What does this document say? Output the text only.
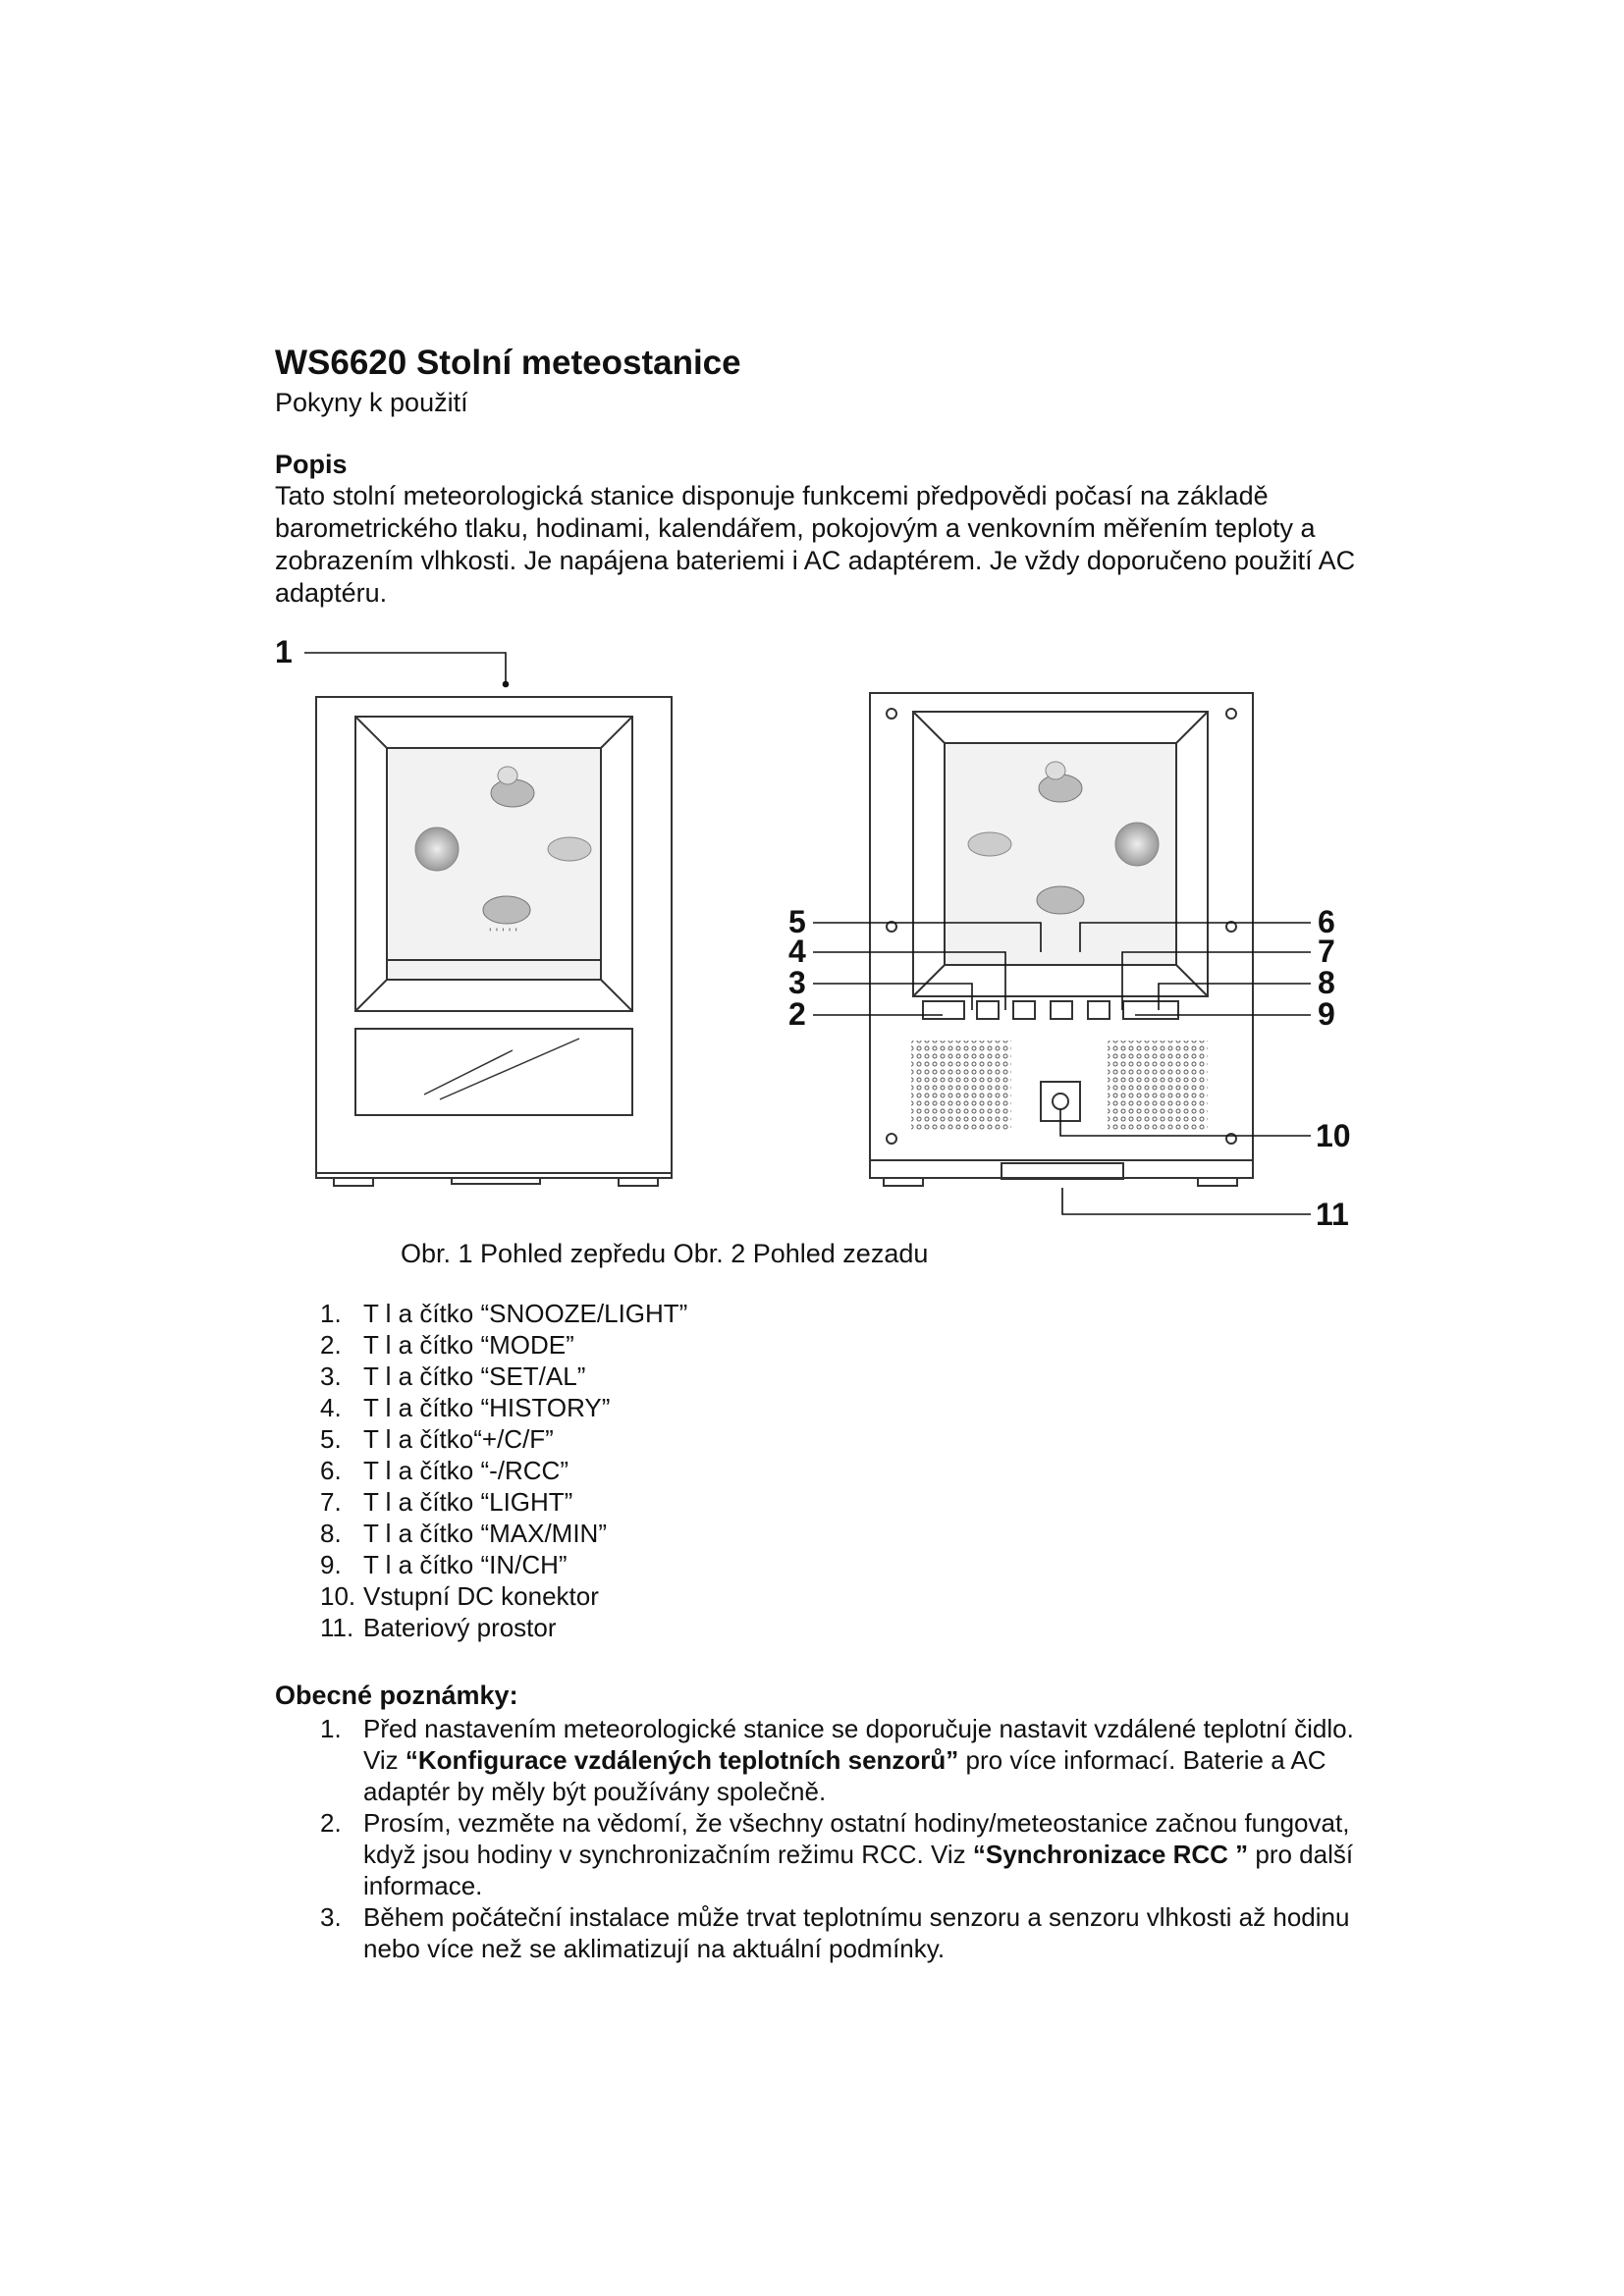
WS6620 Stolní meteostanice
Pokyny k použití
Popis
Tato stolní meteorologická stanice disponuje funkcemi předpovědi počasí na základě barometrického tlaku, hodinami, kalendářem, pokojovým a venkovním měřením teploty a zobrazením vlhkosti. Je napájena bateriemi i AC adaptérem. Je vždy doporučeno použití AC adaptéru.
' ' ' ' '
1
2
3
4
5	6
7
8
9
10
11
Obr. 1 Pohled zepředu Obr. 2 Pohled zezadu
1. T l a čítko “SNOOZE/LIGHT”
2. T l a čítko “MODE”
3. T l a čítko “SET/AL”
4. T l a čítko “HISTORY”
5. T l a čítko“+/C/F”
6. T l a čítko “-/RCC”
7. T l a čítko “LIGHT”
8. T l a čítko “MAX/MIN”
9. T l a čítko “IN/CH”
10. Vstupní DC konektor
11. Bateriový prostor
Obecné poznámky:
1. Před nastavením meteorologické stanice se doporučuje nastavit vzdálené teplotní čidlo. Viz “Konfigurace vzdálených teplotních senzorů” pro více informací. Baterie a AC adaptér by měly být používány společně.
2. Prosím, vezměte na vědomí, že všechny ostatní hodiny/meteostanice začnou fungovat, když jsou hodiny v synchronizačním režimu RCC. Viz “Synchronizace RCC ” pro další informace.
3. Během počáteční instalace může trvat teplotnímu senzoru a senzoru vlhkosti až hodinu nebo více než se aklimatizují na aktuální podmínky.
